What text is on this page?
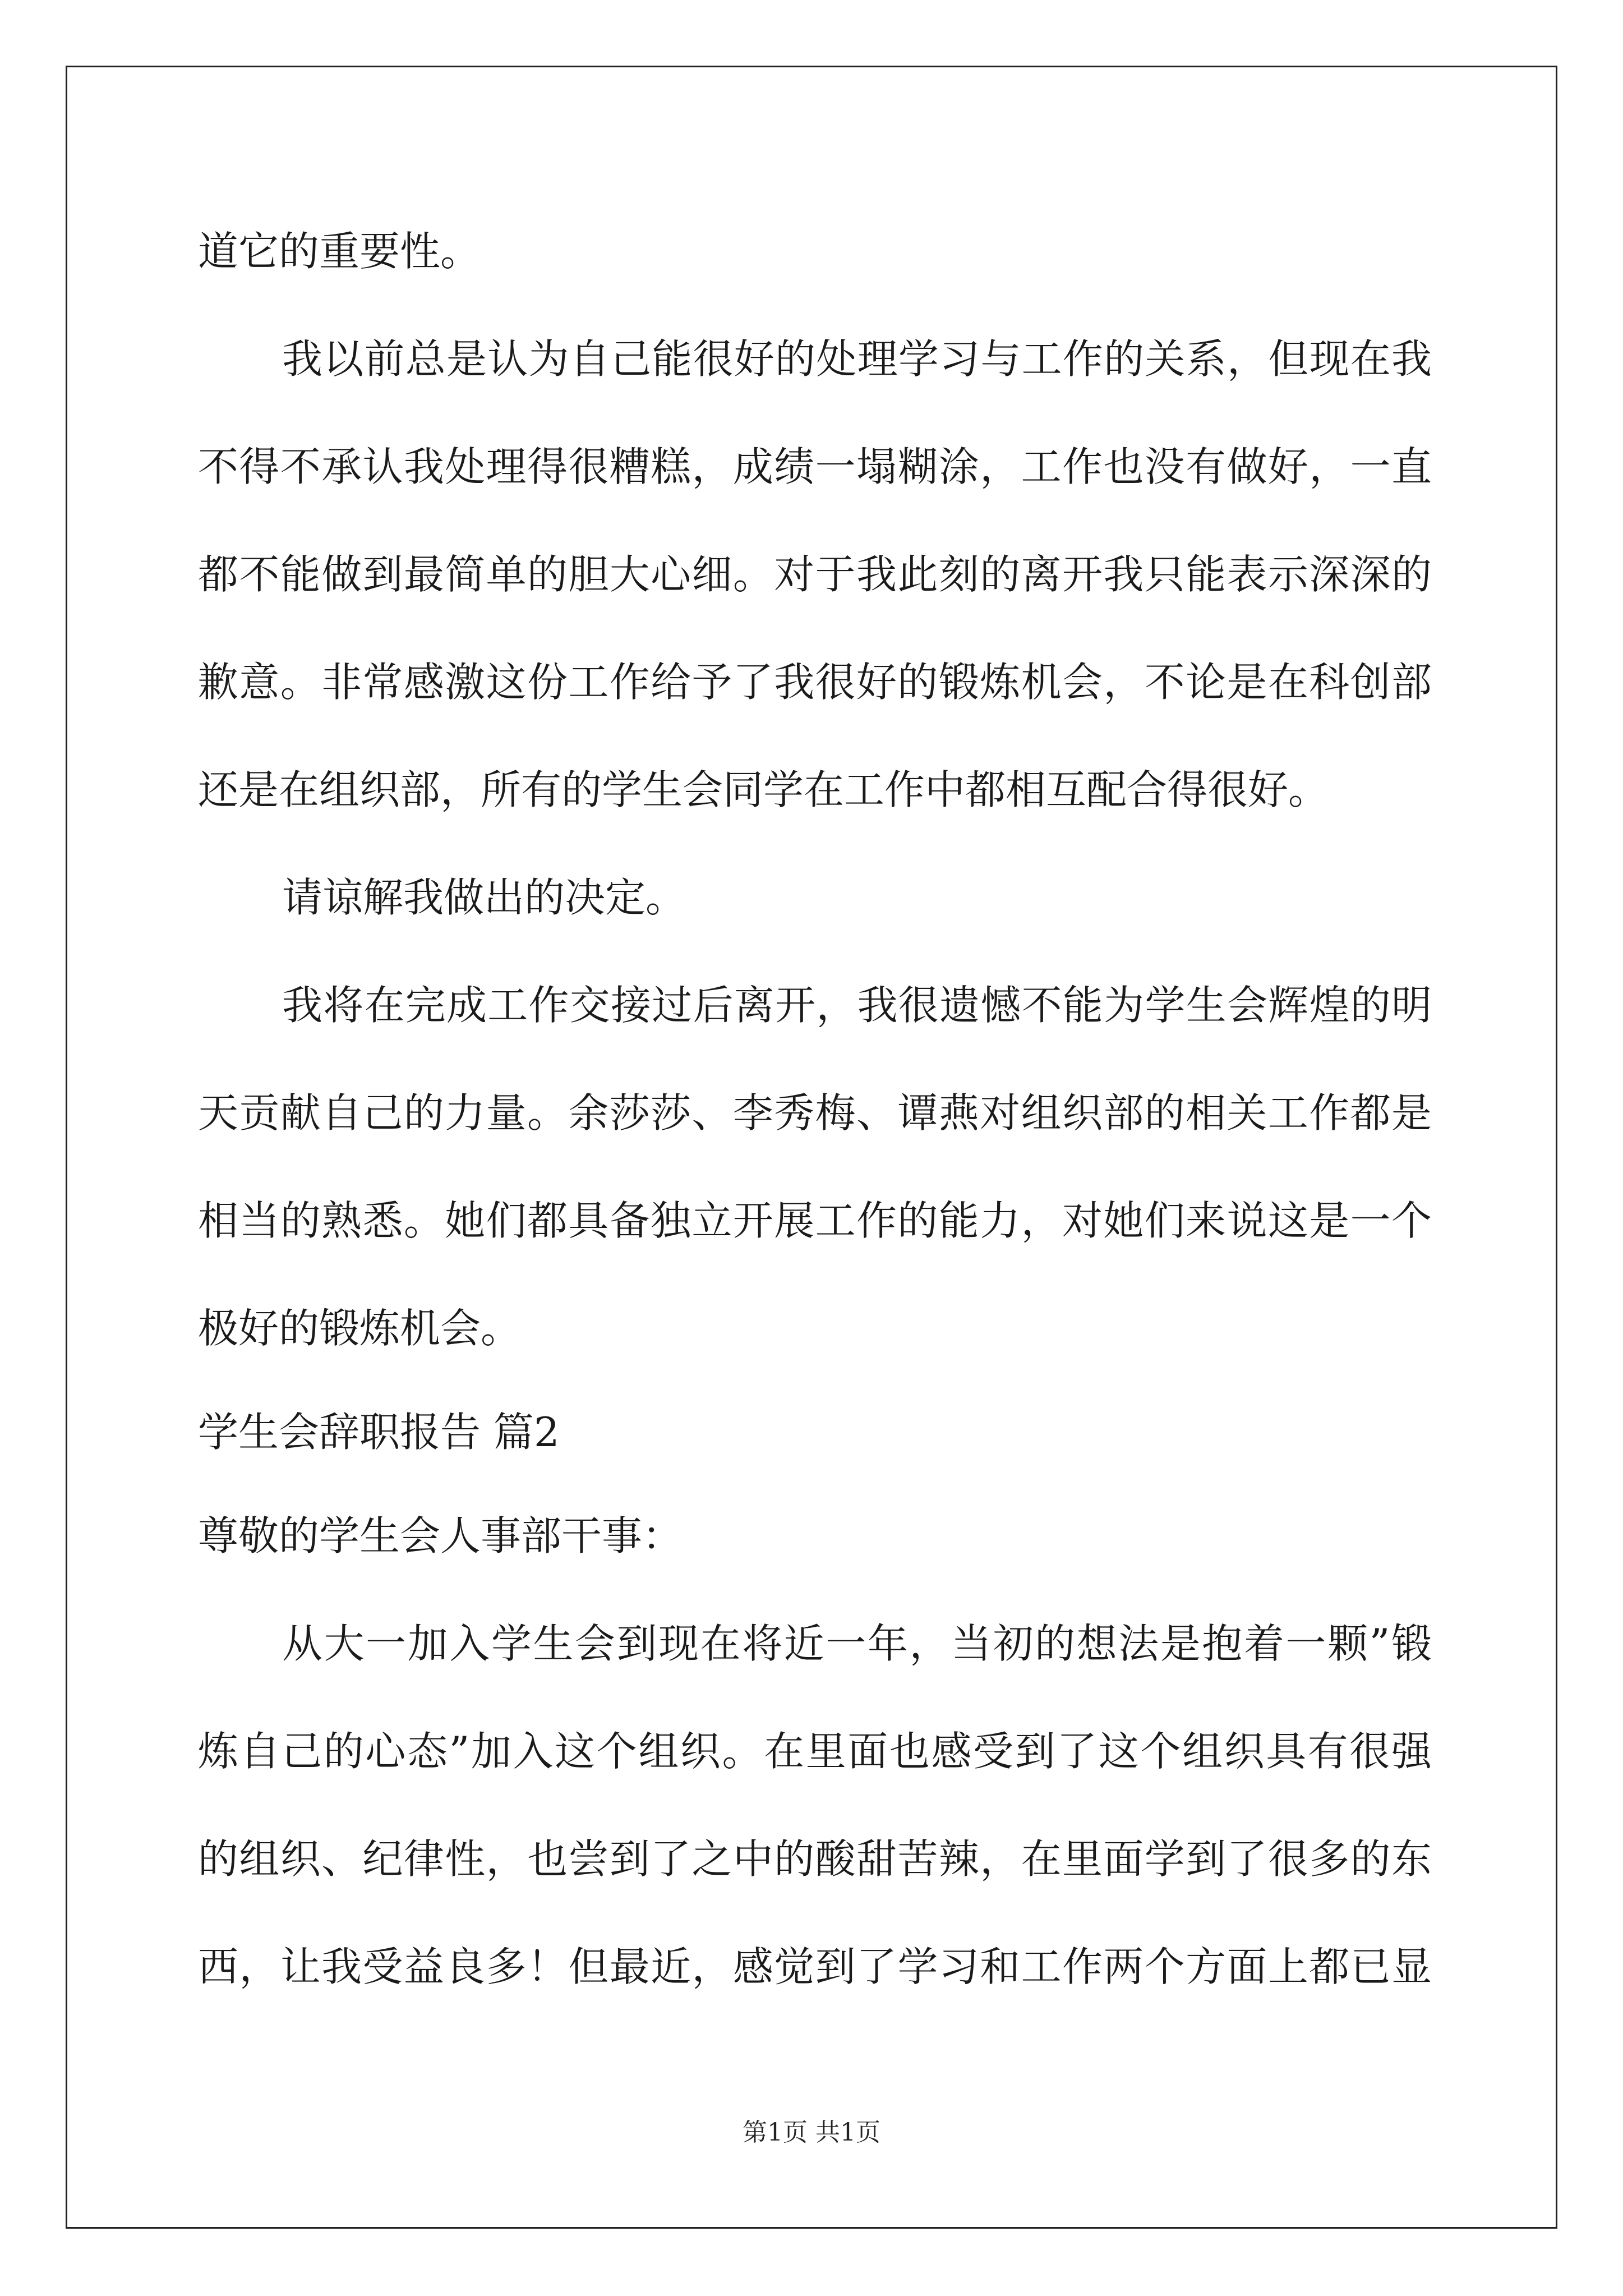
道它的重要性。
我以前总是认为自己能很好的处理学习与工作的关系，但现在我
不得不承认我处理得很糟糕，成绩一塌糊涂，工作也没有做好，一直
都不能做到最简单的胆大心细。对于我此刻的离开我只能表示深深的
歉意。非常感激这份工作给予了我很好的锻炼机会，不论是在科创部
还是在组织部，所有的学生会同学在工作中都相互配合得很好。
请谅解我做出的决定。
我将在完成工作交接过后离开，我很遗憾不能为学生会辉煌的明
天贡献自己的力量。余莎莎、李秀梅、谭燕对组织部的相关工作都是
相当的熟悉。她们都具备独立开展工作的能力，对她们来说这是一个
极好的锻炼机会。
学生会辞职报告 篇2
尊敬的学生会人事部干事：
从大一加入学生会到现在将近一年，当初的想法是抱着一颗”锻
炼自己的心态”加入这个组织。在里面也感受到了这个组织具有很强
的组织、纪律性，也尝到了之中的酸甜苦辣，在里面学到了很多的东
西，让我受益良多！但最近，感觉到了学习和工作两个方面上都已显
第1页 共1页
